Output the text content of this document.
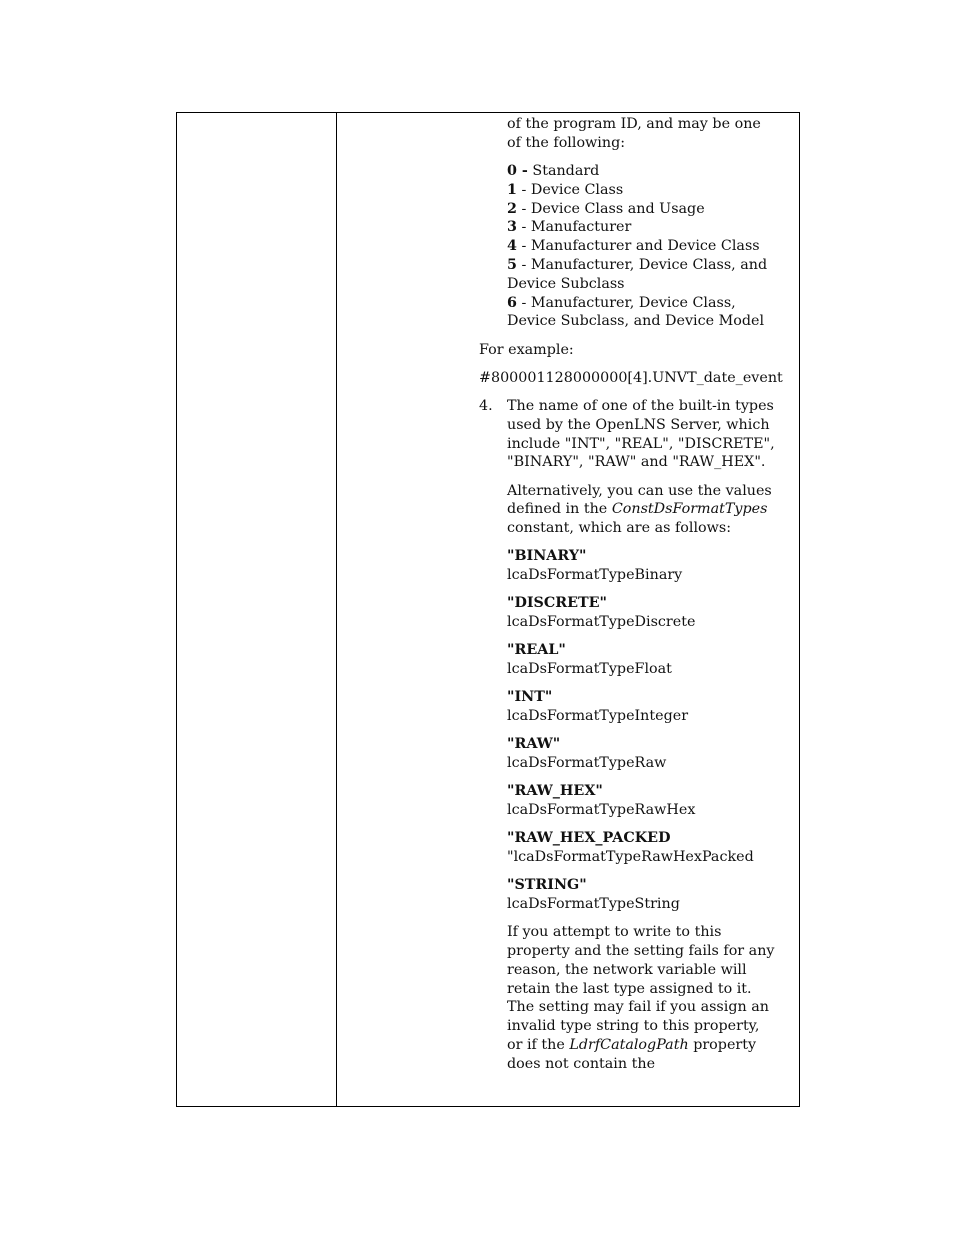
of the program ID, and may be one
of the following:
0 - Standard
1 - Device Class
2 - Device Class and Usage
3 - Manufacturer
4 - Manufacturer and Device Class
5 - Manufacturer, Device Class, and Device Subclass
6 - Manufacturer, Device Class, Device Subclass, and Device Model

For example:

#800001128000000[4].UNVT_date_event

4.	The name of one of the built-in types used by the OpenLNS Server, which include "INT", "REAL", "DISCRETE", "BINARY", "RAW" and "RAW_HEX".

Alternatively, you can use the values defined in the ConstDsFormatTypes constant, which are as follows:

"BINARY"
lcaDsFormatTypeBinary
"DISCRETE"
lcaDsFormatTypeDiscrete
"REAL"
lcaDsFormatTypeFloat
"INT"
lcaDsFormatTypeInteger
"RAW"
lcaDsFormatTypeRaw
"RAW_HEX"
lcaDsFormatTypeRawHex
"RAW_HEX_PACKED
"lcaDsFormatTypeRawHexPacked
"STRING"
lcaDsFormatTypeString

If you attempt to write to this property and the setting fails for any reason, the network variable will retain the last type assigned to it. The setting may fail if you assign an invalid type string to this property, or if the LdrfCatalogPath property does not contain the
